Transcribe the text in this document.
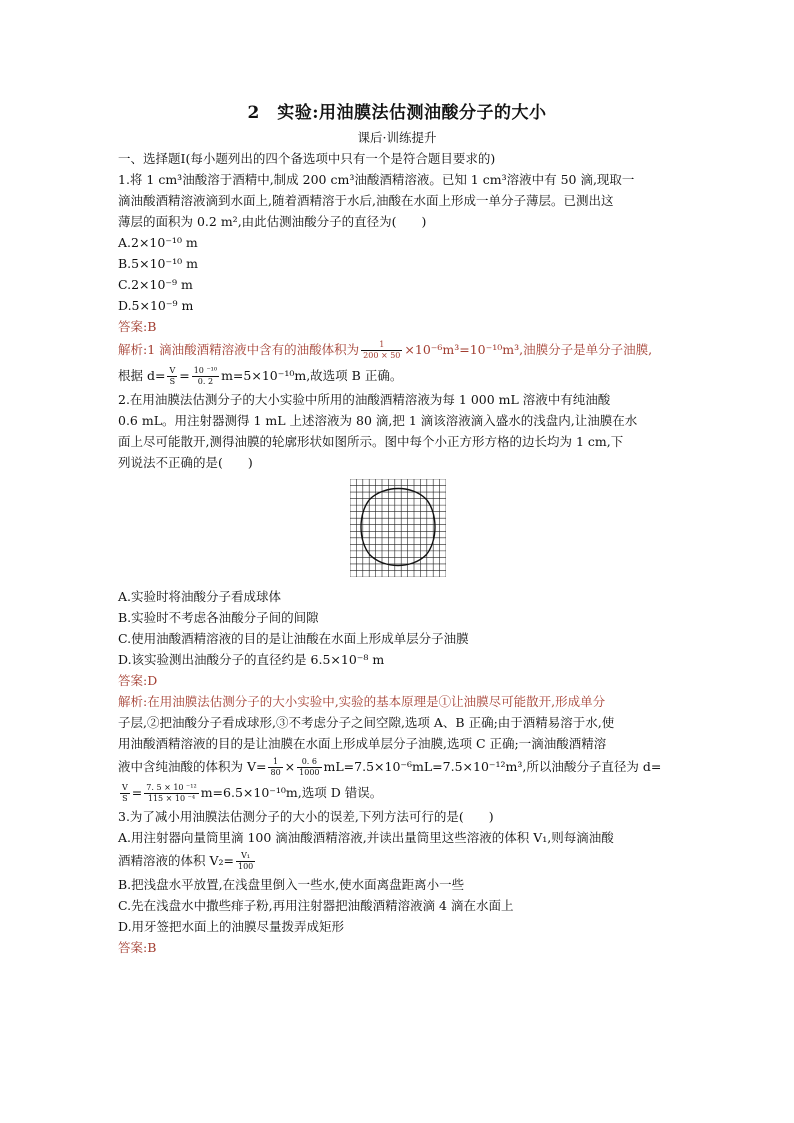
2　实验:用油膜法估测油酸分子的大小
课后·训练提升
一、选择题Ⅰ(每小题列出的四个备选项中只有一个是符合题目要求的)
1.将 1 cm³油酸溶于酒精中,制成 200 cm³油酸酒精溶液。已知 1 cm³溶液中有 50 滴,现取一
滴油酸酒精溶液滴到水面上,随着酒精溶于水后,油酸在水面上形成一单分子薄层。已测出这
薄层的面积为 0.2 m²,由此估测油酸分子的直径为(　　)
A.2×10⁻¹⁰ m
B.5×10⁻¹⁰ m
C.2×10⁻⁹ m
D.5×10⁻⁹ m
答案:B
解析:1 滴油酸酒精溶液中含有的油酸体积为 $\frac{1}{200 \times 50} \times 10^{-6}m^3=10^{-10}m^3$,油膜分子是单分子油膜,
根据 $d= \frac{V}{S} = \frac{\text{10 ⁻¹⁰}}{0. 2} m=5\times 10^{-10}m$,故选项 B 正确。
2.在用油膜法估测分子的大小实验中所用的油酸酒精溶液为每 1 000 mL 溶液中有纯油酸
0.6 mL。用注射器测得 1 mL 上述溶液为 80 滴,把 1 滴该溶液滴入盛水的浅盘内,让油膜在水
面上尽可能散开,测得油膜的轮廓形状如图所示。图中每个小正方形方格的边长均为 1 cm,下
列说法不正确的是(　　)
A.实验时将油酸分子看成球体
B.实验时不考虑各油酸分子间的间隙
C.使用油酸酒精溶液的目的是让油酸在水面上形成单层分子油膜
D.该实验测出油酸分子的直径约是 6.5×10⁻⁸ m
答案:D
解析:在用油膜法估测分子的大小实验中,实验的基本原理是①让油膜尽可能散开,形成单分
子层,②把油酸分子看成球形,③不考虑分子之间空隙,选项 A、B 正确;由于酒精易溶于水,使
用油酸酒精溶液的目的是让油膜在水面上形成单层分子油膜,选项 C 正确;一滴油酸酒精溶
液中含纯油酸的体积为 $V= \frac{1}{80} \times \frac{0. 6}{1000} mL=7.5\times 10^{-6}mL=7.5\times 10^{-12}m^3$,所以油酸分子直径为 d=
$\frac{V}{S} = \frac{\text{7. 5 × 10 ⁻¹²}}{\text{115 × 10 ⁻⁴}} m=6.5\times 10^{-10}m$,选项 D 错误。
3.为了减小用油膜法估测分子的大小的误差,下列方法可行的是(　　)
A.用注射器向量筒里滴 100 滴油酸酒精溶液,并读出量筒里这些溶液的体积 V₁,则每滴油酸
酒精溶液的体积 $V_2= \frac{\text{V₁}}{100}$
B.把浅盘水平放置,在浅盘里倒入一些水,使水面离盘距离小一些
C.先在浅盘水中撒些痱子粉,再用注射器把油酸酒精溶液滴 4 滴在水面上
D.用牙签把水面上的油膜尽量拨弄成矩形
答案:B
